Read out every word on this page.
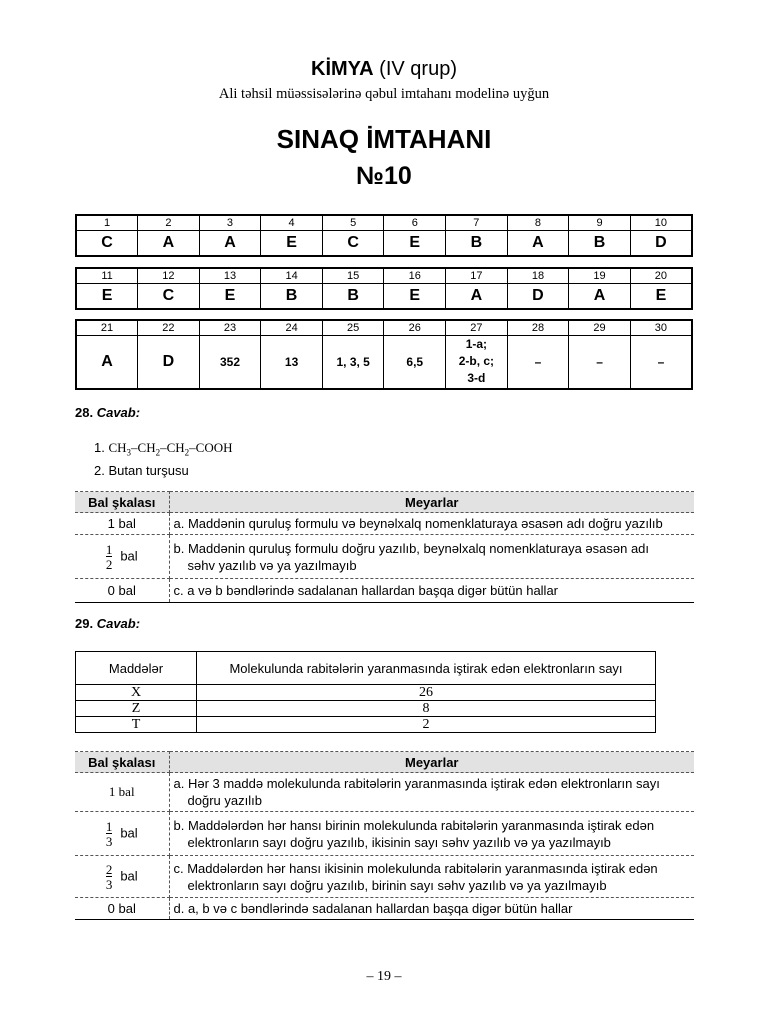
KİMYA (IV qrup)
Ali təhsil müəssisələrinə qəbul imtahanı modelinə uyğun
SINAQ İMTAHANI
№10
1	2	3	4	5	6	7	8	9	10
C	A	A	E	C	E	B	A	B	D
11	12	13	14	15	16	17	18	19	20
E	C	E	B	B	E	A	D	A	E
21	22	23	24	25	26	27	28	29	30
A	D	352	13	1, 3, 5	6,5	1-a;
2-b, c;
3-d	–	–	–
28. Cavab:
1. $CH_3-CH_2-CH_2$–COOH
2. Butan turşusu
Bal şkalası	Meyarlar
1 bal	a. Maddənin quruluş formulu və beynəlxalq nomenklaturaya əsasən adı doğru yazılıb

$\frac{1}{2}$ bal	b. Maddənin quruluş formulu doğru yazılıb, beynəlxalq nomenklaturaya əsasən adı
səhv yazılıb və ya yazılmayıb

0 bal	c. a və b bəndlərində sadalanan hallardan başqa digər bütün hallar
29. Cavab:
Maddələr	Molekulunda rabitələrin yaranmasında iştirak edən elektronların sayı
X	26
Z	8
T	2
Bal şkalası	Meyarlar
1 bal	a. Hər 3 maddə molekulunda rabitələrin yaranmasında iştirak edən elektronların sayı
doğru yazılıb

$\frac{1}{3}$ bal	b. Maddələrdən hər hansı birinin molekulunda rabitələrin yaranmasında iştirak edən
elektronların sayı doğru yazılıb, ikisinin sayı səhv yazılıb və ya yazılmayıb

$\frac{2}{3}$ bal	c. Maddələrdən hər hansı ikisinin molekulunda rabitələrin yaranmasında iştirak edən
elektronların sayı doğru yazılıb, birinin sayı səhv yazılıb və ya yazılmayıb

0 bal	d. a, b və c bəndlərində sadalanan hallardan başqa digər bütün hallar
– 19 –
